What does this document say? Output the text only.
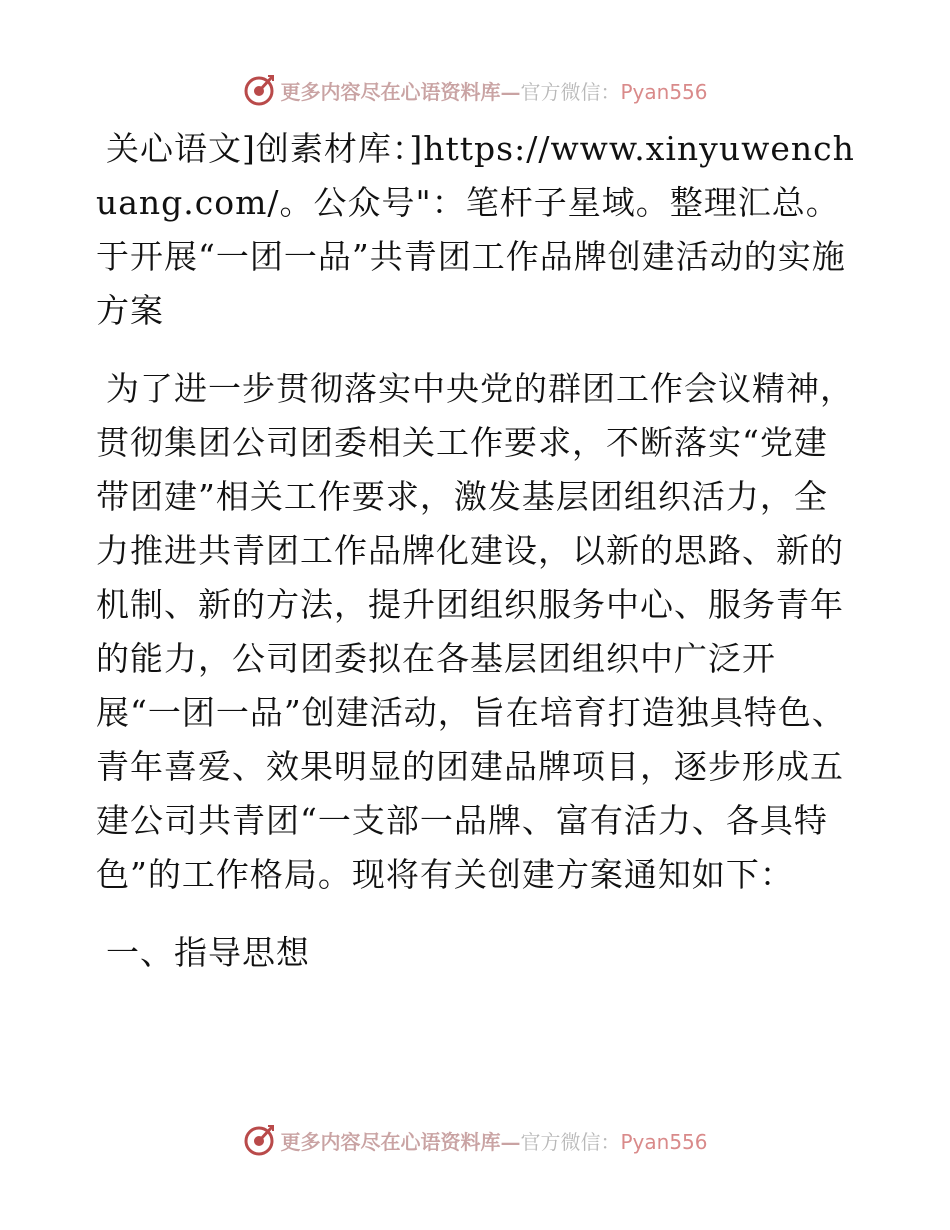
更多内容尽在心语资料库—官方微信：Pyan556

关心语文]创素材库：]https://www.xinyuwenchuang.com/。公众号"：笔杆子星域。整理汇总。于开展“一团一品”共青团工作品牌创建活动的实施方案

为了进一步贯彻落实中央党的群团工作会议精神，贯彻集团公司团委相关工作要求，不断落实“党建带团建”相关工作要求，激发基层团组织活力，全力推进共青团工作品牌化建设，以新的思路、新的机制、新的方法，提升团组织服务中心、服务青年的能力，公司团委拟在各基层团组织中广泛开展“一团一品”创建活动，旨在培育打造独具特色、青年喜爱、效果明显的团建品牌项目，逐步形成五建公司共青团“一支部一品牌、富有活力、各具特色”的工作格局。现将有关创建方案通知如下：

一、指导思想

更多内容尽在心语资料库—官方微信：Pyan556
